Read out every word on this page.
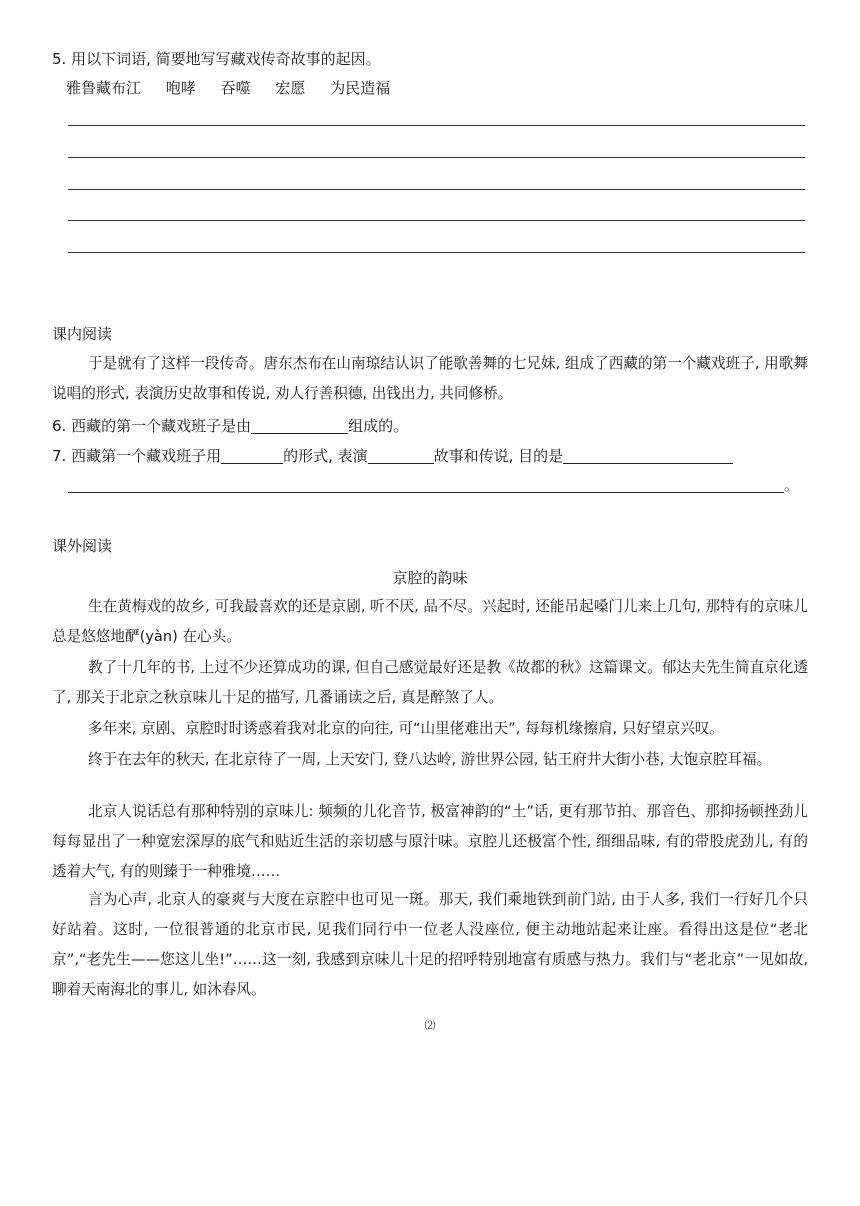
5. 用以下词语, 简要地写写藏戏传奇故事的起因。
雅鲁藏布江 咆哮 吞噬 宏愿 为民造福
课内阅读

于是就有了这样一段传奇。唐东杰布在山南琼结认识了能歌善舞的七兄妹, 组成了西藏的第一个藏戏班子, 用歌舞说唱的形式, 表演历史故事和传说, 劝人行善积德, 出钱出力, 共同修桥。

6. 西藏的第一个藏戏班子是由	组成的。
7. 西藏第一个藏戏班子用	的形式, 表演	故事和传说, 目的是
。
课外阅读
京腔的韵味

生在黄梅戏的故乡, 可我最喜欢的还是京剧, 听不厌, 品不尽。兴起时, 还能吊起嗓门儿来上几句, 那特有的京味儿总是悠悠地酽(yàn) 在心头。

教了十几年的书, 上过不少还算成功的课, 但自己感觉最好还是教《故都的秋》这篇课文。郁达夫先生简直京化透了, 那关于北京之秋京味儿十足的描写, 几番诵读之后, 真是醉煞了人。

多年来, 京剧、京腔时时诱惑着我对北京的向往, 可“山里佬难出天”, 每每机缘擦肩, 只好望京兴叹。

终于在去年的秋天, 在北京待了一周, 上天安门, 登八达岭, 游世界公园, 钻王府井大街小巷, 大饱京腔耳福。

北京人说话总有那种特别的京味儿: 频频的儿化音节, 极富神韵的“土”话, 更有那节拍、那音色、那抑扬顿挫劲儿每每显出了一种宽宏深厚的底气和贴近生活的亲切感与原汁味。京腔儿还极富个性, 细细品味, 有的带股虎劲儿, 有的透着大气, 有的则臻于一种雅境……

言为心声, 北京人的豪爽与大度在京腔中也可见一斑。那天, 我们乘地铁到前门站, 由于人多, 我们一行好几个只好站着。这时, 一位很普通的北京市民, 见我们同行中一位老人没座位, 便主动地站起来让座。看得出这是位“老北京”,“老先生——您这儿坐!”……这一刻, 我感到京味儿十足的招呼特别地富有质感与热力。我们与“老北京”一见如故, 聊着天南海北的事儿, 如沐春风。

⑵
